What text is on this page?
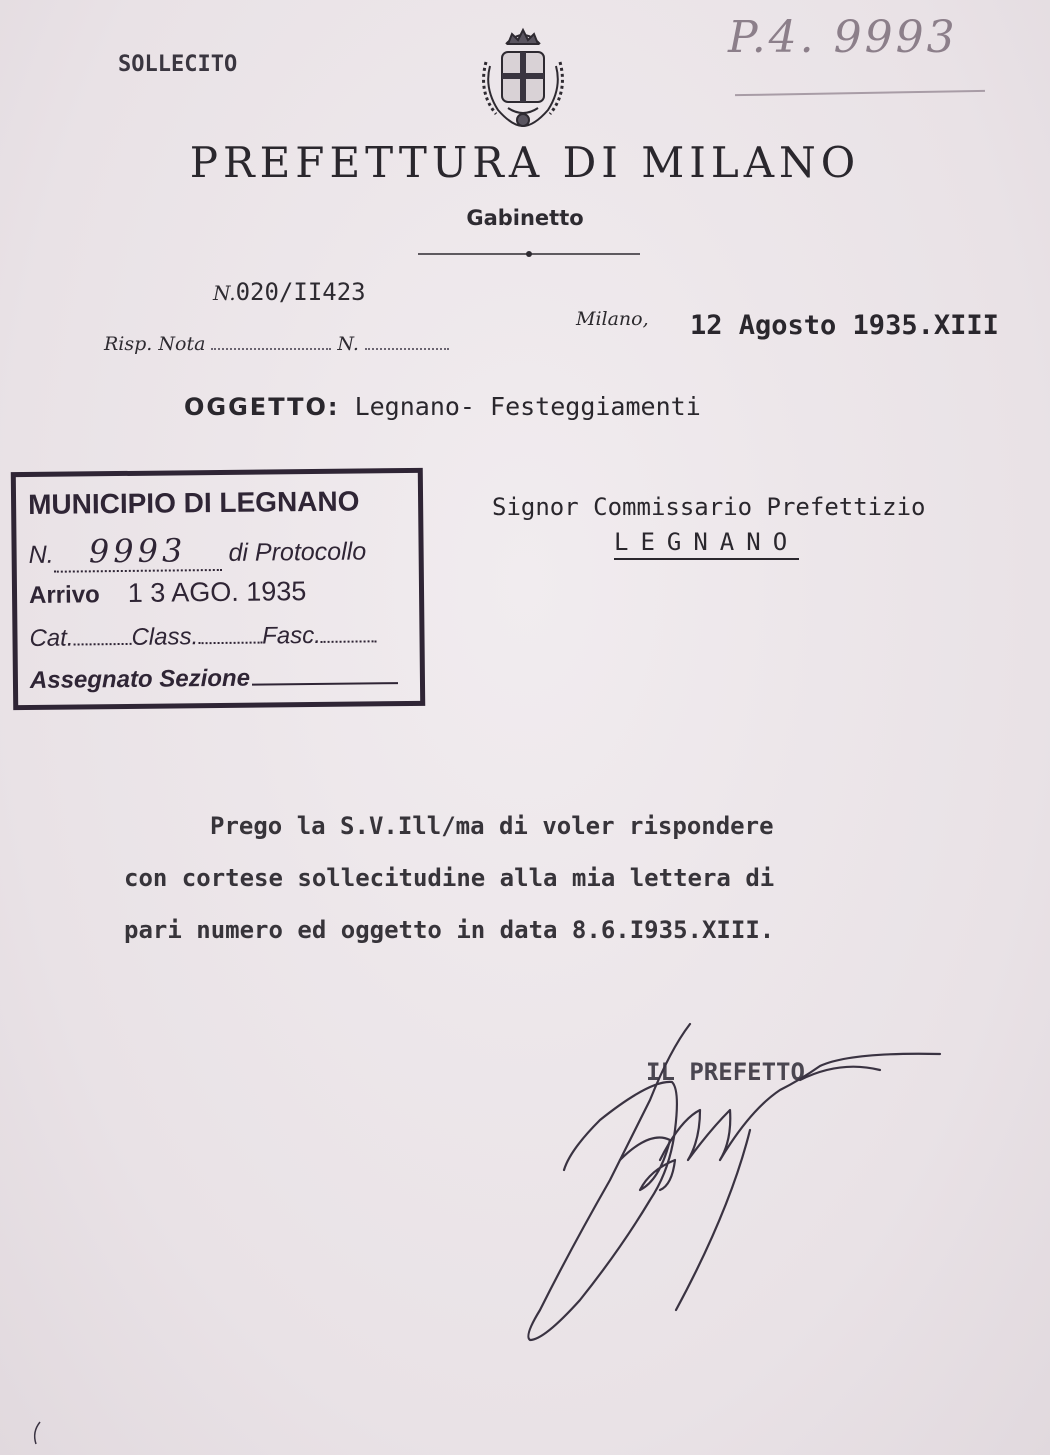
SOLLECITO
P.4. 9993
PREFETTURA DI MILANO
Gabinetto
N.020/II423
Risp. Nota	N.
Milano, 12 Agosto 1935.XIII
OGGETTO: Legnano- Festeggiamenti
MUNICIPIO DI LEGNANO
N. 9993 di Protocollo
Arrivo 1 3 AGO. 1935
Cat. Class.	Fasc.
Assegnato Sezione
Signor Commissario Prefettizio
LEGNANO
Prego la S.V.Ill/ma di voler rispondere
con cortese sollecitudine alla mia lettera di
pari numero ed oggetto in data 8.6.I935.XIII.
IL PREFETTO
